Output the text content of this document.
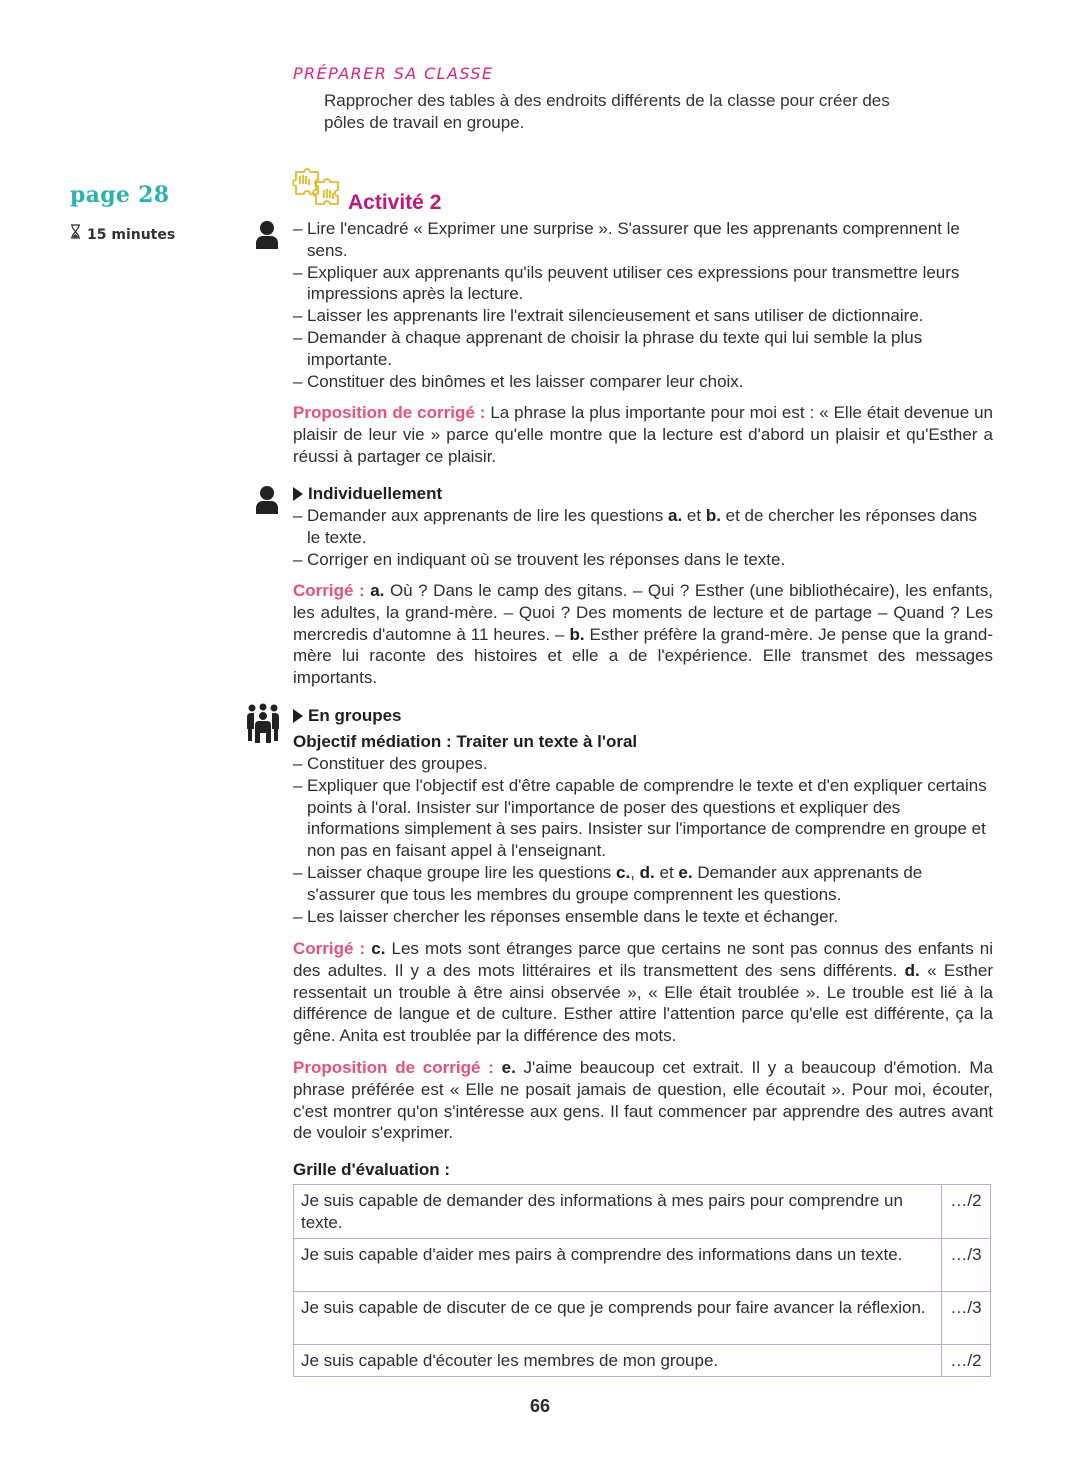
PRÉPARER SA CLASSE
Rapprocher des tables à des endroits différents de la classe pour créer des pôles de travail en groupe.
page 28
15 minutes
Activité 2
– Lire l'encadré « Exprimer une surprise ». S'assurer que les apprenants comprennent le sens.
– Expliquer aux apprenants qu'ils peuvent utiliser ces expressions pour transmettre leurs impressions après la lecture.
– Laisser les apprenants lire l'extrait silencieusement et sans utiliser de dictionnaire.
– Demander à chaque apprenant de choisir la phrase du texte qui lui semble la plus importante.
– Constituer des binômes et les laisser comparer leur choix.

Proposition de corrigé : La phrase la plus importante pour moi est : « Elle était devenue un plaisir de leur vie » parce qu'elle montre que la lecture est d'abord un plaisir et qu'Esther a réussi à partager ce plaisir.

Individuellement
– Demander aux apprenants de lire les questions a. et b. et de chercher les réponses dans le texte.
– Corriger en indiquant où se trouvent les réponses dans le texte.

Corrigé : a. Où ? Dans le camp des gitans. – Qui ? Esther (une bibliothécaire), les enfants, les adultes, la grand-mère. – Quoi ? Des moments de lecture et de partage – Quand ? Les mercredis d'automne à 11 heures. – b. Esther préfère la grand-mère. Je pense que la grand-mère lui raconte des histoires et elle a de l'expérience. Elle transmet des messages importants.

En groupes
Objectif médiation : Traiter un texte à l'oral
– Constituer des groupes.
– Expliquer que l'objectif est d'être capable de comprendre le texte et d'en expliquer certains points à l'oral. Insister sur l'importance de poser des questions et expliquer des informations simplement à ses pairs. Insister sur l'importance de comprendre en groupe et non pas en faisant appel à l'enseignant.
– Laisser chaque groupe lire les questions c., d. et e. Demander aux apprenants de s'assurer que tous les membres du groupe comprennent les questions.
– Les laisser chercher les réponses ensemble dans le texte et échanger.

Corrigé : c. Les mots sont étranges parce que certains ne sont pas connus des enfants ni des adultes. Il y a des mots littéraires et ils transmettent des sens différents. d. « Esther ressentait un trouble à être ainsi observée », « Elle était troublée ». Le trouble est lié à la différence de langue et de culture. Esther attire l'attention parce qu'elle est différente, ça la gêne. Anita est troublée par la différence des mots.

Proposition de corrigé : e. J'aime beaucoup cet extrait. Il y a beaucoup d'émotion. Ma phrase préférée est « Elle ne posait jamais de question, elle écoutait ». Pour moi, écouter, c'est montrer qu'on s'intéresse aux gens. Il faut commencer par apprendre des autres avant de vouloir s'exprimer.

Grille d'évaluation :
Je suis capable de demander des informations à mes pairs pour comprendre un texte.	…/2
Je suis capable d'aider mes pairs à comprendre des informations dans un texte.	…/3
Je suis capable de discuter de ce que je comprends pour faire avancer la réflexion.	…/3
Je suis capable d'écouter les membres de mon groupe.	…/2
66
